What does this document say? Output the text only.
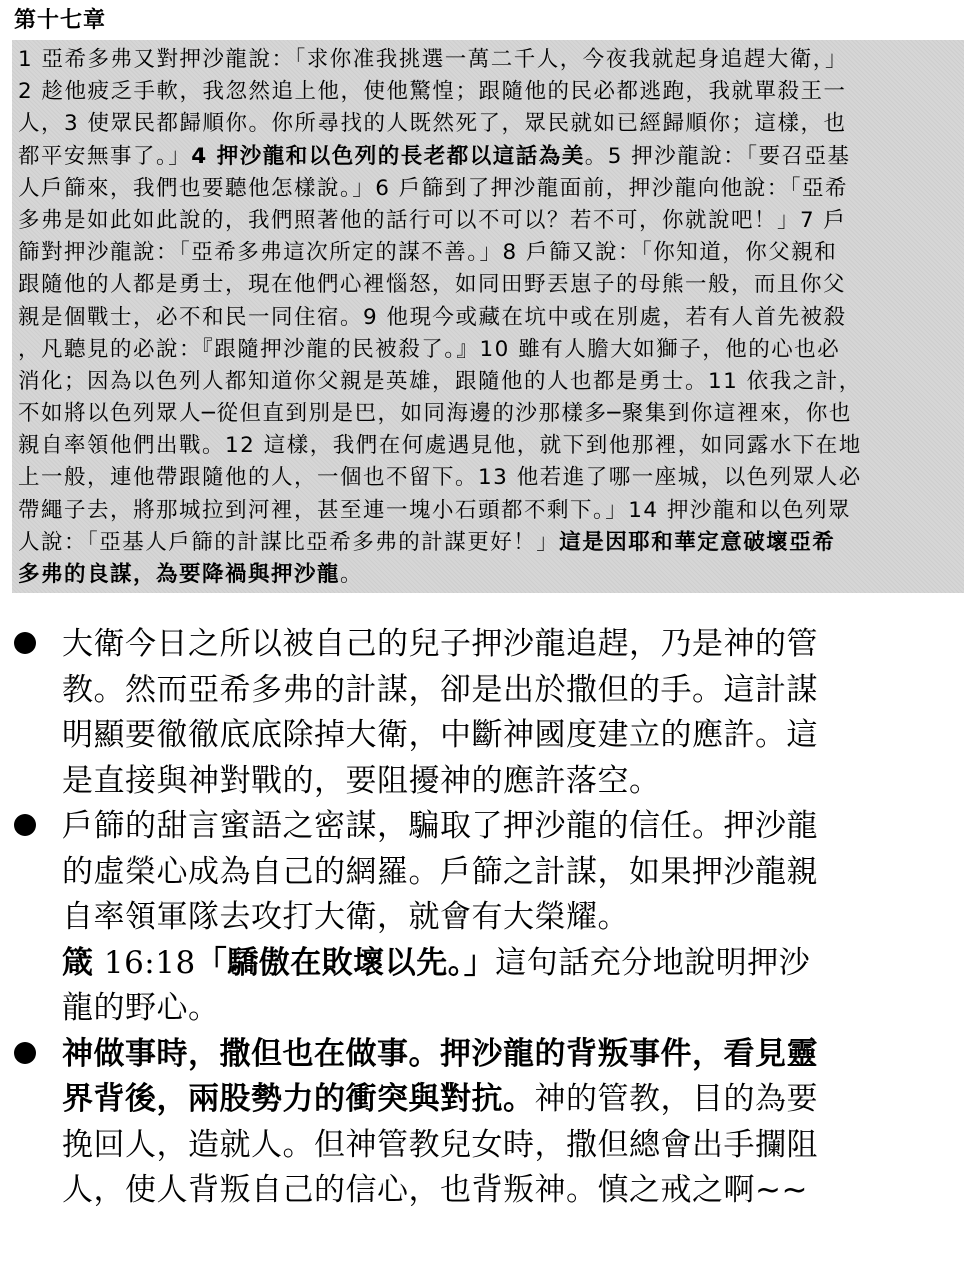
第十七章
1 亞希多弗又對押沙龍說：「求你准我挑選一萬二千人，今夜我就起身追趕大衛，」
2 趁他疲乏手軟，我忽然追上他，使他驚惶；跟隨他的民必都逃跑，我就單殺王一
人，3 使眾民都歸順你。你所尋找的人既然死了，眾民就如已經歸順你；這樣，也
都平安無事了。」4 押沙龍和以色列的長老都以這話為美。5 押沙龍說：「要召亞基
人戶篩來，我們也要聽他怎樣說。」6 戶篩到了押沙龍面前，押沙龍向他說：「亞希
多弗是如此如此說的，我們照著他的話行可以不可以？若不可，你就說吧！」7 戶
篩對押沙龍說：「亞希多弗這次所定的謀不善。」8 戶篩又說：「你知道，你父親和
跟隨他的人都是勇士，現在他們心裡惱怒，如同田野丟崽子的母熊一般，而且你父
親是個戰士，必不和民一同住宿。9 他現今或藏在坑中或在別處，若有人首先被殺
，凡聽見的必說：『跟隨押沙龍的民被殺了。』10 雖有人膽大如獅子，他的心也必
消化；因為以色列人都知道你父親是英雄，跟隨他的人也都是勇士。11 依我之計，
不如將以色列眾人─從但直到別是巴，如同海邊的沙那樣多─聚集到你這裡來，你也
親自率領他們出戰。12 這樣，我們在何處遇見他，就下到他那裡，如同露水下在地
上一般，連他帶跟隨他的人，一個也不留下。13 他若進了哪一座城，以色列眾人必
帶繩子去，將那城拉到河裡，甚至連一塊小石頭都不剩下。」14 押沙龍和以色列眾
人說：「亞基人戶篩的計謀比亞希多弗的計謀更好！」這是因耶和華定意破壞亞希
多弗的良謀，為要降禍與押沙龍。
大衛今日之所以被自己的兒子押沙龍追趕，乃是神的管
教。然而亞希多弗的計謀，卻是出於撒但的手。這計謀
明顯要徹徹底底除掉大衛，中斷神國度建立的應許。這
是直接與神對戰的，要阻擾神的應許落空。
戶篩的甜言蜜語之密謀，騙取了押沙龍的信任。押沙龍
的虛榮心成為自己的網羅。戶篩之計謀，如果押沙龍親
自率領軍隊去攻打大衛，就會有大榮耀。
箴 16:18「驕傲在敗壞以先。」這句話充分地說明押沙
龍的野心。
神做事時，撒但也在做事。押沙龍的背叛事件，看見靈
界背後，兩股勢力的衝突與對抗。神的管教，目的為要
挽回人，造就人。但神管教兒女時，撒但總會出手攔阻
人，使人背叛自己的信心，也背叛神。慎之戒之啊~~
